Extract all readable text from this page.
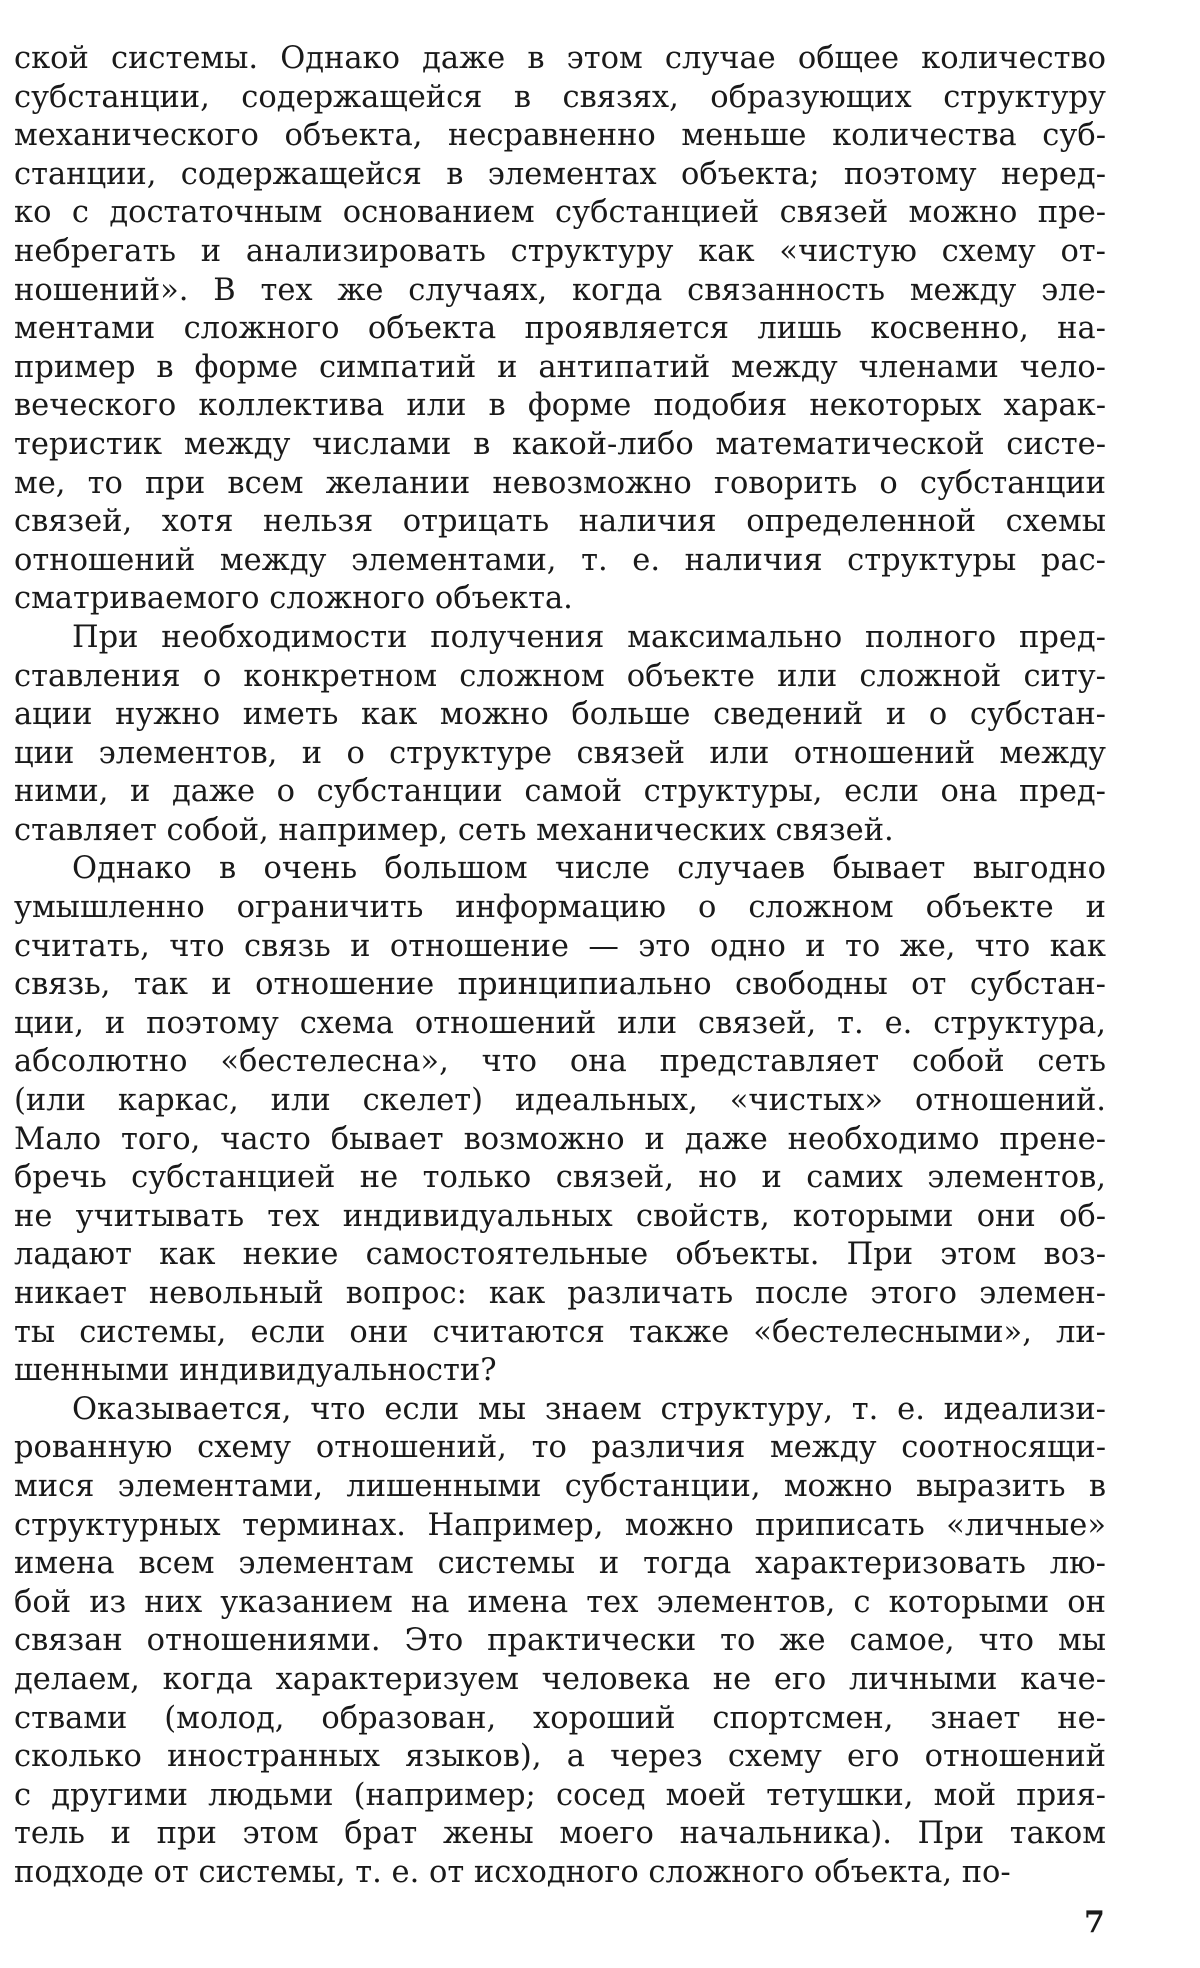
ской системы. Однако даже в этом случае общее количество
субстанции, содержащейся в связях, образующих структуру
механического объекта, несравненно меньше количества суб-
станции, содержащейся в элементах объекта; поэтому неред-
ко с достаточным основанием субстанцией связей можно пре-
небрегать и анализировать структуру как «чистую схему от-
ношений». В тех же случаях, когда связанность между эле-
ментами сложного объекта проявляется лишь косвенно, на-
пример в форме симпатий и антипатий между членами чело-
веческого коллектива или в форме подобия некоторых харак-
теристик между числами в какой-либо математической систе-
ме, то при всем желании невозможно говорить о субстанции
связей, хотя нельзя отрицать наличия определенной схемы
отношений между элементами, т. е. наличия структуры рас-
сматриваемого сложного объекта.
При необходимости получения максимально полного пред-
ставления о конкретном сложном объекте или сложной ситу-
ации нужно иметь как можно больше сведений и о субстан-
ции элементов, и о структуре связей или отношений между
ними, и даже о субстанции самой структуры, если она пред-
ставляет собой, например, сеть механических связей.
Однако в очень большом числе случаев бывает выгодно
умышленно ограничить информацию о сложном объекте и
считать, что связь и отношение — это одно и то же, что как
связь, так и отношение принципиально свободны от субстан-
ции, и поэтому схема отношений или связей, т. е. структура,
абсолютно «бестелесна», что она представляет собой сеть
(или каркас, или скелет) идеальных, «чистых» отношений.
Мало того, часто бывает возможно и даже необходимо прене-
бречь субстанцией не только связей, но и самих элементов,
не учитывать тех индивидуальных свойств, которыми они об-
ладают как некие самостоятельные объекты. При этом воз-
никает невольный вопрос: как различать после этого элемен-
ты системы, если они считаются также «бестелесными», ли-
шенными индивидуальности?
Оказывается, что если мы знаем структуру, т. е. идеализи-
рованную схему отношений, то различия между соотносящи-
мися элементами, лишенными субстанции, можно выразить в
структурных терминах. Например, можно приписать «личные»
имена всем элементам системы и тогда характеризовать лю-
бой из них указанием на имена тех элементов, с которыми он
связан отношениями. Это практически то же самое, что мы
делаем, когда характеризуем человека не его личными каче-
ствами (молод, образован, хороший спортсмен, знает не-
сколько иностранных языков), а через схему его отношений
с другими людьми (например; сосед моей тетушки, мой прия-
тель и при этом брат жены моего начальника). При таком
подходе от системы, т. е. от исходного сложного объекта, по-
7
